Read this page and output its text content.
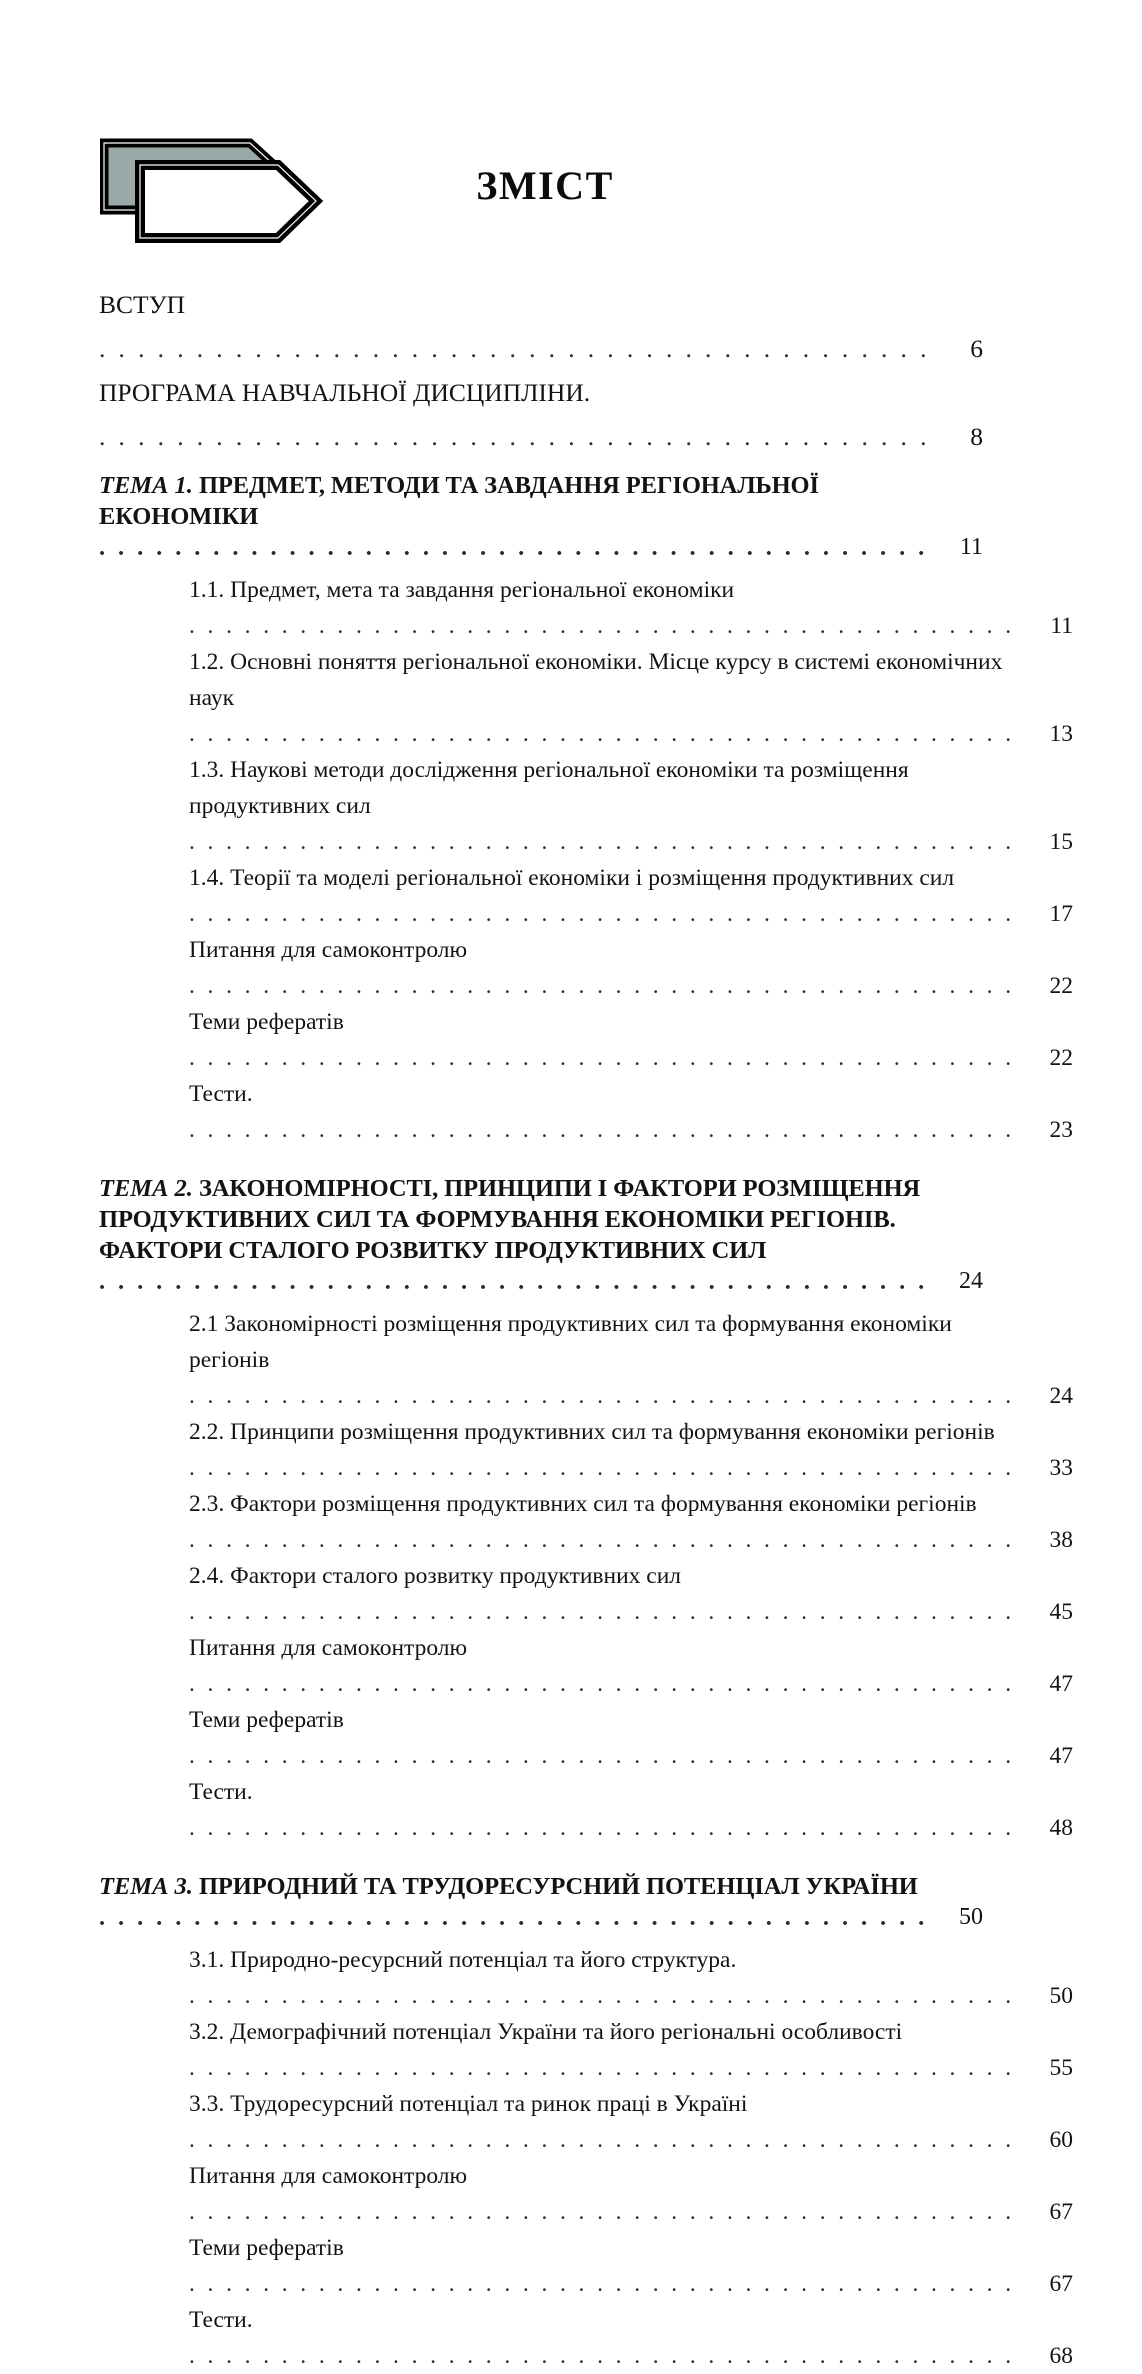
ЗМІСТ
ВСТУП. . .
6
ПРОГРАМА НАВЧАЛЬНОЇ ДИСЦИПЛІНИ.. . .
8
ТЕМА 1. ПРЕДМЕТ, МЕТОДИ ТА ЗАВДАННЯ РЕГІОНАЛЬНОЇ ЕКОНОМІКИ. . .
11
1.1. Предмет, мета та завдання регіональної економіки. . .
11
1.2. Основні поняття регіональної економіки. Місце курсу в системі економічних наук. . .
13
1.3. Наукові методи дослідження регіональної економіки та розміщення продуктивних сил. . .
15
1.4. Теорії та моделі регіональної економіки і розміщення продуктивних сил. . .
17
Питання для самоконтролю. . .
22
Теми рефератів. . .
22
Тести.. . .
23
ТЕМА 2. ЗАКОНОМІРНОСТІ, ПРИНЦИПИ І ФАКТОРИ РОЗМІЩЕННЯ ПРОДУКТИВНИХ СИЛ ТА ФОРМУВАННЯ ЕКОНОМІКИ РЕГІОНІВ. ФАКТОРИ СТАЛОГО РОЗВИТКУ ПРОДУКТИВНИХ СИЛ. . .
24
2.1 Закономірності розміщення продуктивних сил та формування економіки регіонів. . .
24
2.2. Принципи розміщення продуктивних сил та формування економіки регіонів. . .
33
2.3. Фактори розміщення продуктивних сил та формування економіки регіонів. . .
38
2.4. Фактори сталого розвитку продуктивних сил. . .
45
Питання для самоконтролю. . .
47
Теми рефератів. . .
47
Тести.. . .
48
ТЕМА 3. ПРИРОДНИЙ ТА ТРУДОРЕСУРСНИЙ ПОТЕНЦІАЛ УКРАЇНИ. . .
50
3.1. Природно-ресурсний потенціал та його структура.. . .
50
3.2. Демографічний потенціал України та його регіональні особливості. . .
55
3.3. Трудоресурсний потенціал та ринок праці в Україні. . .
60
Питання для самоконтролю. . .
67
Теми рефератів. . .
67
Тести.. . .
68
